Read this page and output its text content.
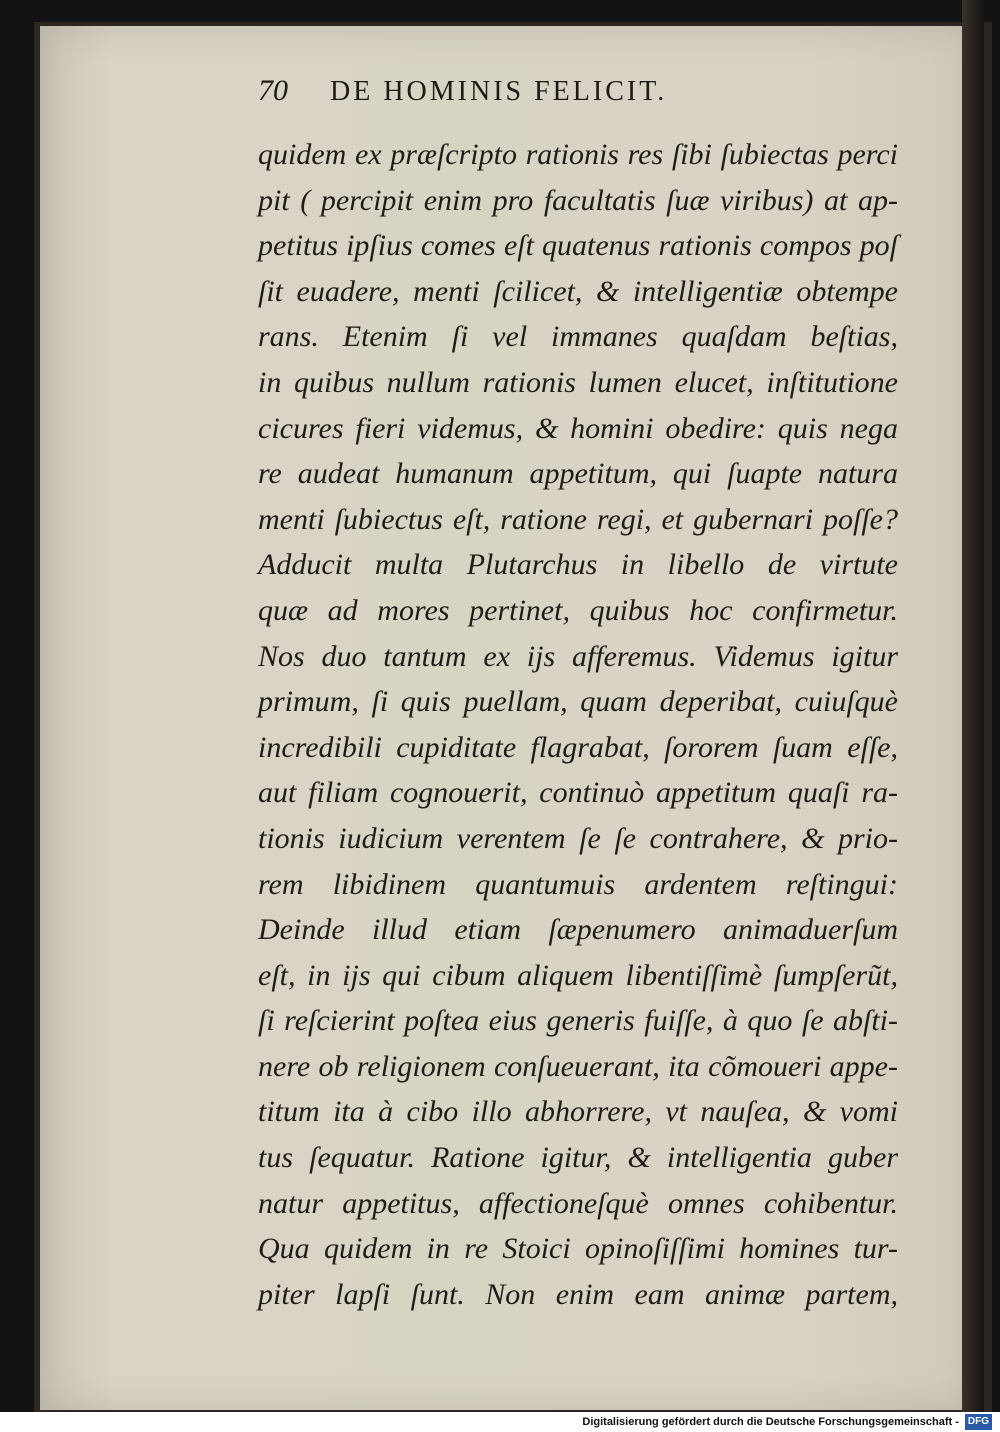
70 DE HOMINIS FELICIT.
quidem ex præſcripto rationis res ſibi ſubiectas perci
pit ( percipit enim pro facultatis ſuæ viribus) at ap-
petitus ipſius comes eſt quatenus rationis compos poſ
ſit euadere, menti ſcilicet, & intelligentiæ obtempe
rans. Etenim ſi vel immanes quaſdam beſtias,
in quibus nullum rationis lumen elucet, inſtitutione
cicures fieri videmus, & homini obedire: quis nega
re audeat humanum appetitum, qui ſuapte natura
menti ſubiectus eſt, ratione regi, et gubernari poſſe?
Adducit multa Plutarchus in libello de virtute
quæ ad mores pertinet, quibus hoc confirmetur.
Nos duo tantum ex ijs afferemus. Videmus igitur
primum, ſi quis puellam, quam deperibat, cuiuſquè
incredibili cupiditate flagrabat, ſororem ſuam eſſe,
aut filiam cognouerit, continuò appetitum quaſi ra-
tionis iudicium verentem ſe ſe contrahere, & prio-
rem libidinem quantumuis ardentem reſtingui:
Deinde illud etiam ſæpenumero animaduerſum
eſt, in ijs qui cibum aliquem libentiſſimè ſumpſerũt,
ſi reſcierint poſtea eius generis fuiſſe, à quo ſe abſti-
nere ob religionem conſueuerant, ita cõmoueri appe-
titum ita à cibo illo abhorrere, vt nauſea, & vomi
tus ſequatur. Ratione igitur, & intelligentia guber
natur appetitus, affectioneſquè omnes cohibentur.
Qua quidem in re Stoici opinoſiſſimi homines tur-
piter lapſi ſunt. Non enim eam animæ partem,
Digitalisierung gefördert durch die Deutsche Forschungsgemeinschaft - DFG
